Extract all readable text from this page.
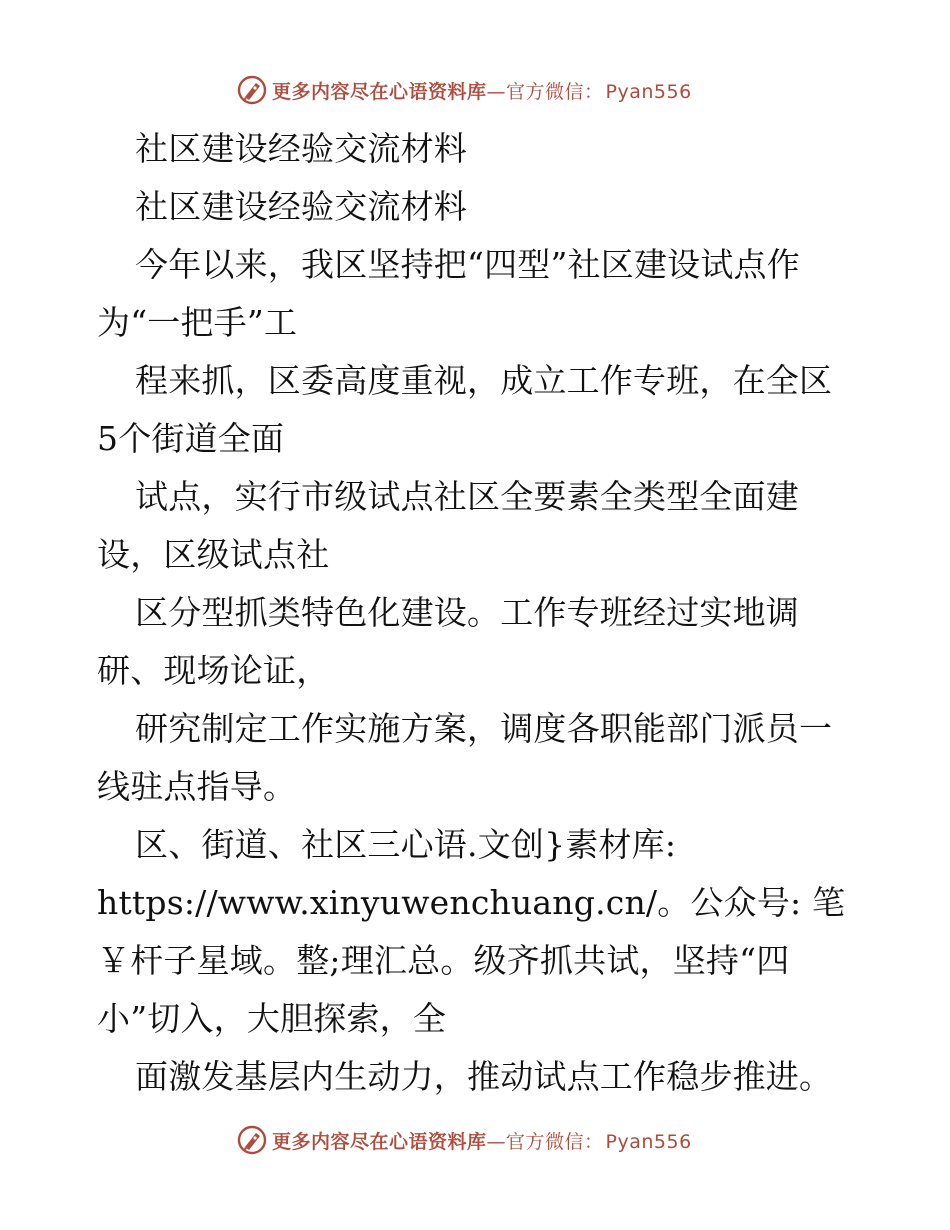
更多内容尽在心语资料库—官方微信： Pyan556
社区建设经验交流材料
社区建设经验交流材料
今年以来，我区坚持把“四型”社区建设试点作
为“一把手”工
程来抓，区委高度重视，成立工作专班，在全区
5个街道全面
试点，实行市级试点社区全要素全类型全面建
设，区级试点社
区分型抓类特色化建设。工作专班经过实地调
研、现场论证，
研究制定工作实施方案，调度各职能部门派员一
线驻点指导。
区、街道、社区三心语.文创}素材库:
https://www.xinyuwenchuang.cn/。公众号: 笔
￥杆子星域。整;理汇总。级齐抓共试，坚持“四
小”切入，大胆探索，全
面激发基层内生动力，推动试点工作稳步推进。
更多内容尽在心语资料库—官方微信： Pyan556
